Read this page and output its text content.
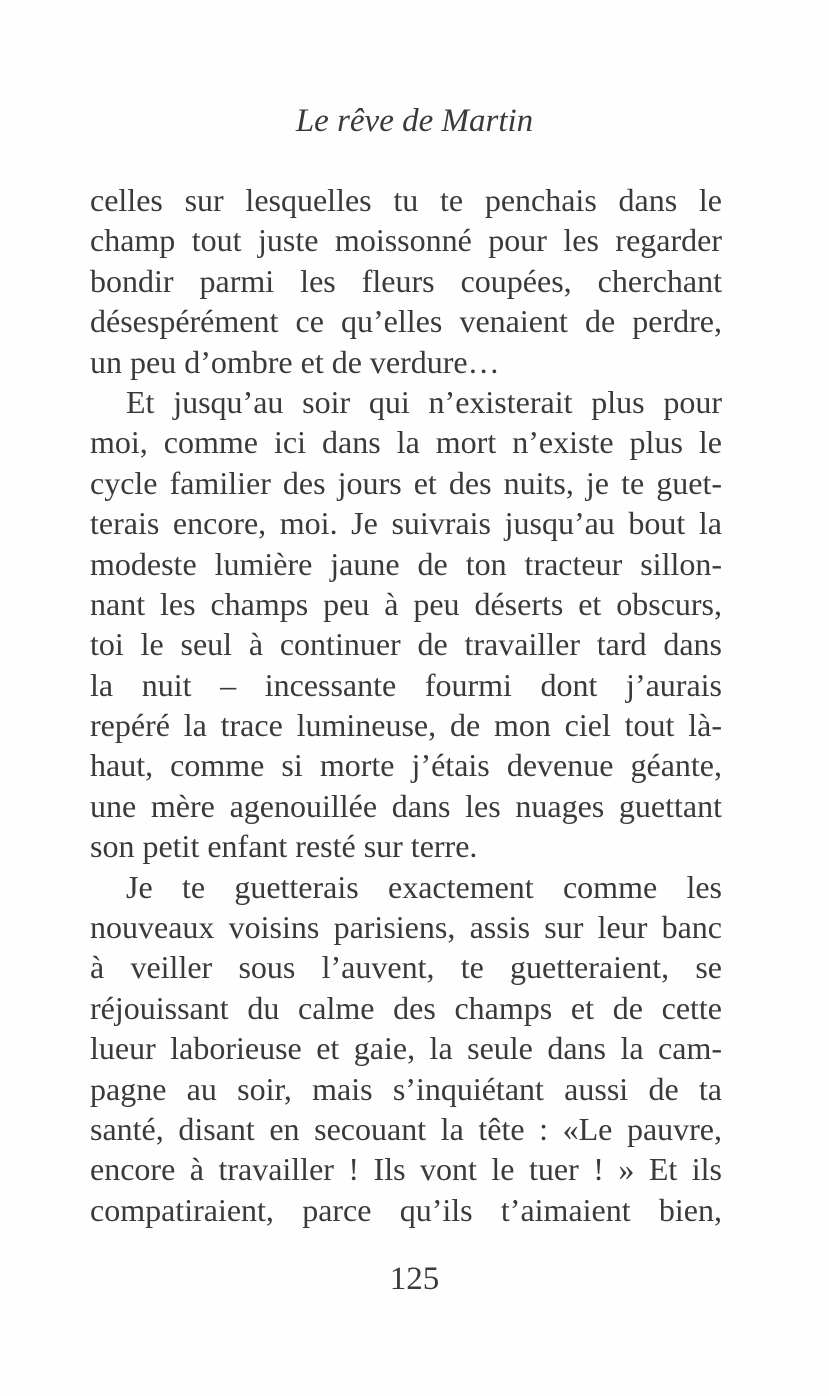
Le rêve de Martin
celles sur lesquelles tu te penchais dans le
champ tout juste moissonné pour les regarder
bondir parmi les fleurs coupées, cherchant
désespérément ce qu’elles venaient de perdre,
un peu d’ombre et de verdure…
Et jusqu’au soir qui n’existerait plus pour
moi, comme ici dans la mort n’existe plus le
cycle familier des jours et des nuits, je te guet-
terais encore, moi. Je suivrais jusqu’au bout la
modeste lumière jaune de ton tracteur sillon-
nant les champs peu à peu déserts et obscurs,
toi le seul à continuer de travailler tard dans
la nuit – incessante fourmi dont j’aurais
repéré la trace lumineuse, de mon ciel tout là-
haut, comme si morte j’étais devenue géante,
une mère agenouillée dans les nuages guettant
son petit enfant resté sur terre.
Je te guetterais exactement comme les
nouveaux voisins parisiens, assis sur leur banc
à veiller sous l’auvent, te guetteraient, se
réjouissant du calme des champs et de cette
lueur laborieuse et gaie, la seule dans la cam-
pagne au soir, mais s’inquiétant aussi de ta
santé, disant en secouant la tête : «Le pauvre,
encore à travailler ! Ils vont le tuer ! » Et ils
compatiraient, parce qu’ils t’aimaient bien,
125
